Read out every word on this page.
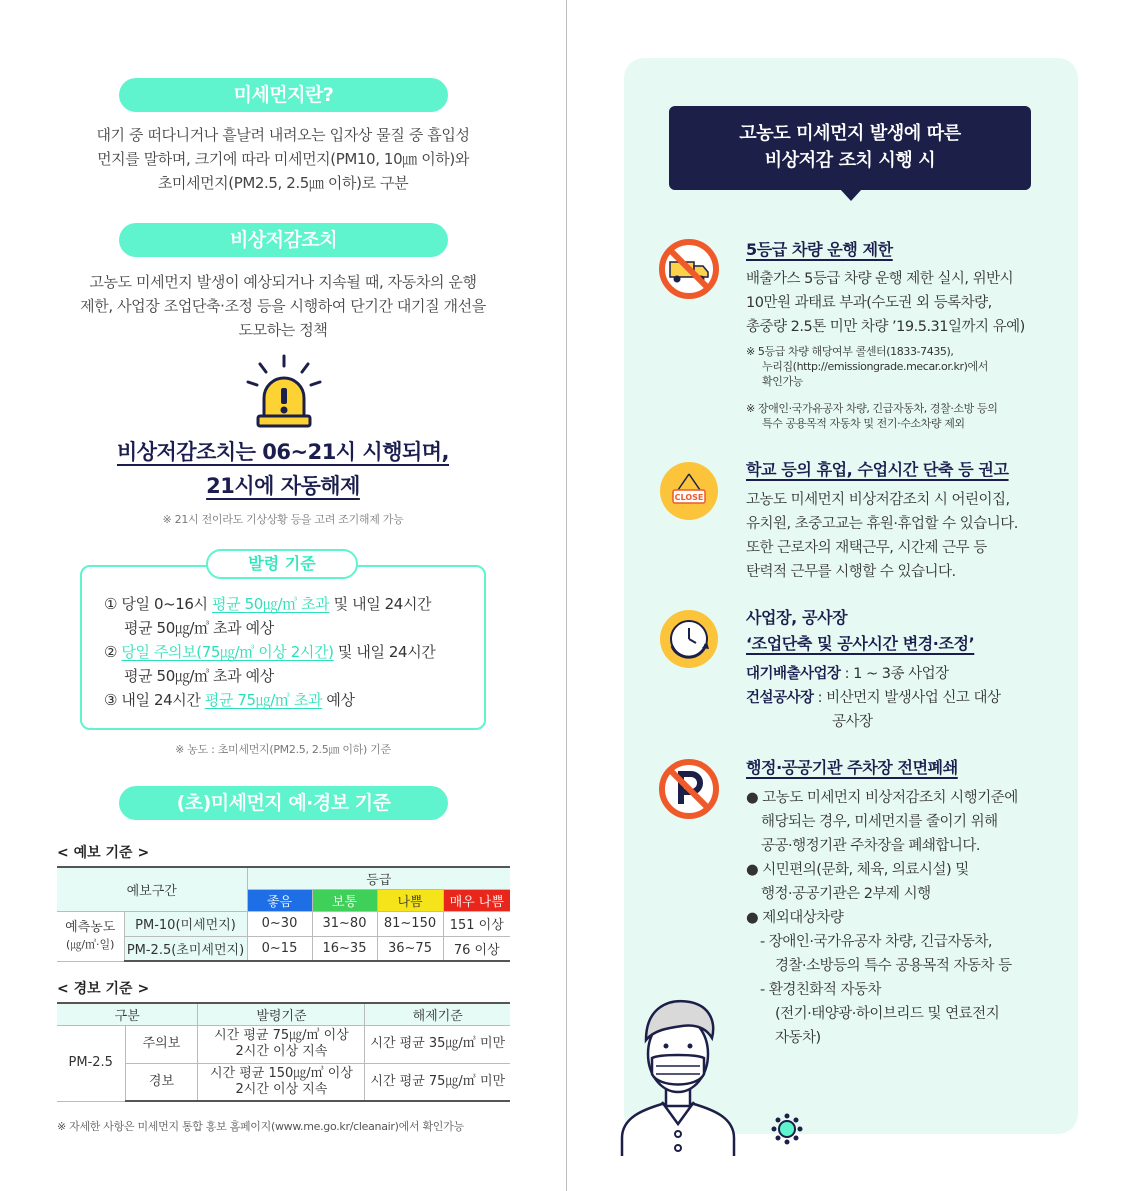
미세먼지란?
대기 중 떠다니거나 흩날려 내려오는 입자상 물질 중 흡입성
먼지를 말하며, 크기에 따라 미세먼지(PM10, 10㎛ 이하)와
초미세먼지(PM2.5, 2.5㎛ 이하)로 구분
비상저감조치
고농도 미세먼지 발생이 예상되거나 지속될 때, 자동차의 운행
제한, 사업장 조업단축·조정 등을 시행하여 단기간 대기질 개선을
도모하는 정책
비상저감조치는 06~21시 시행되며,
21시에 자동해제
※ 21시 전이라도 기상상황 등을 고려 조기해제 가능
발령 기준
① 당일 0~16시 평균 50㎍/㎥ 초과 및 내일 24시간
평균 50㎍/㎥ 초과 예상
② 당일 주의보(75㎍/㎥ 이상 2시간) 및 내일 24시간
평균 50㎍/㎥ 초과 예상
③ 내일 24시간 평균 75㎍/㎥ 초과 예상
※ 농도 : 초미세먼지(PM2.5, 2.5㎛ 이하) 기준
(초)미세먼지 예·경보 기준
< 예보 기준 >
예보구간		등급			
		좋음	보통	나쁨	매우 나쁨

예측농도
(㎍/㎥·일)	PM-10(미세먼지)	0~30	31~80	81~150	151 이상
	PM-2.5(초미세먼지)	0~15	16~35	36~75	76 이상
< 경보 기준 >
구분		발령기준	해제기준
PM-2.5	주의보	시간 평균 75㎍/㎥ 이상
2시간 이상 지속	시간 평균 35㎍/㎥ 미만
	경보	시간 평균 150㎍/㎥ 이상
2시간 이상 지속	시간 평균 75㎍/㎥ 미만
※ 자세한 사항은 미세먼지 통합 홍보 홈페이지(www.me.go.kr/cleanair)에서 확인가능
고농도 미세먼지 발생에 따른
비상저감 조치 시행 시
5등급 차량 운행 제한
배출가스 5등급 차량 운행 제한 실시, 위반시
10만원 과태료 부과(수도권 외 등록차량,
총중량 2.5톤 미만 차량 ’19.5.31일까지 유예)
※ 5등급 차량 해당여부 콜센터(1833-7435),
누리집(http://emissiongrade.mecar.or.kr)에서
확인가능
※ 장애인·국가유공자 차량, 긴급자동차, 경찰·소방 등의
특수 공용목적 자동차 및 전기·수소차량 제외
CLOSE
학교 등의 휴업, 수업시간 단축 등 권고
고농도 미세먼지 비상저감조치 시 어린이집,
유치원, 초중고교는 휴원·휴업할 수 있습니다.
또한 근로자의 재택근무, 시간제 근무 등
탄력적 근무를 시행할 수 있습니다.
사업장, 공사장
‘조업단축 및 공사시간 변경·조정’
대기배출사업장 : 1 ~ 3종 사업장
건설공사장 : 비산먼지 발생사업 신고 대상
공사장
행정·공공기관 주차장 전면폐쇄
● 고농도 미세먼지 비상저감조치 시행기준에
해당되는 경우, 미세먼지를 줄이기 위해
공공·행정기관 주차장을 폐쇄합니다.
● 시민편의(문화, 체육, 의료시설) 및
행정·공공기관은 2부제 시행
● 제외대상차량
- 장애인·국가유공자 차량, 긴급자동차,
경찰·소방등의 특수 공용목적 자동차 등
- 환경친화적 자동차
(전기·태양광·하이브리드 및 연료전지
자동차)
